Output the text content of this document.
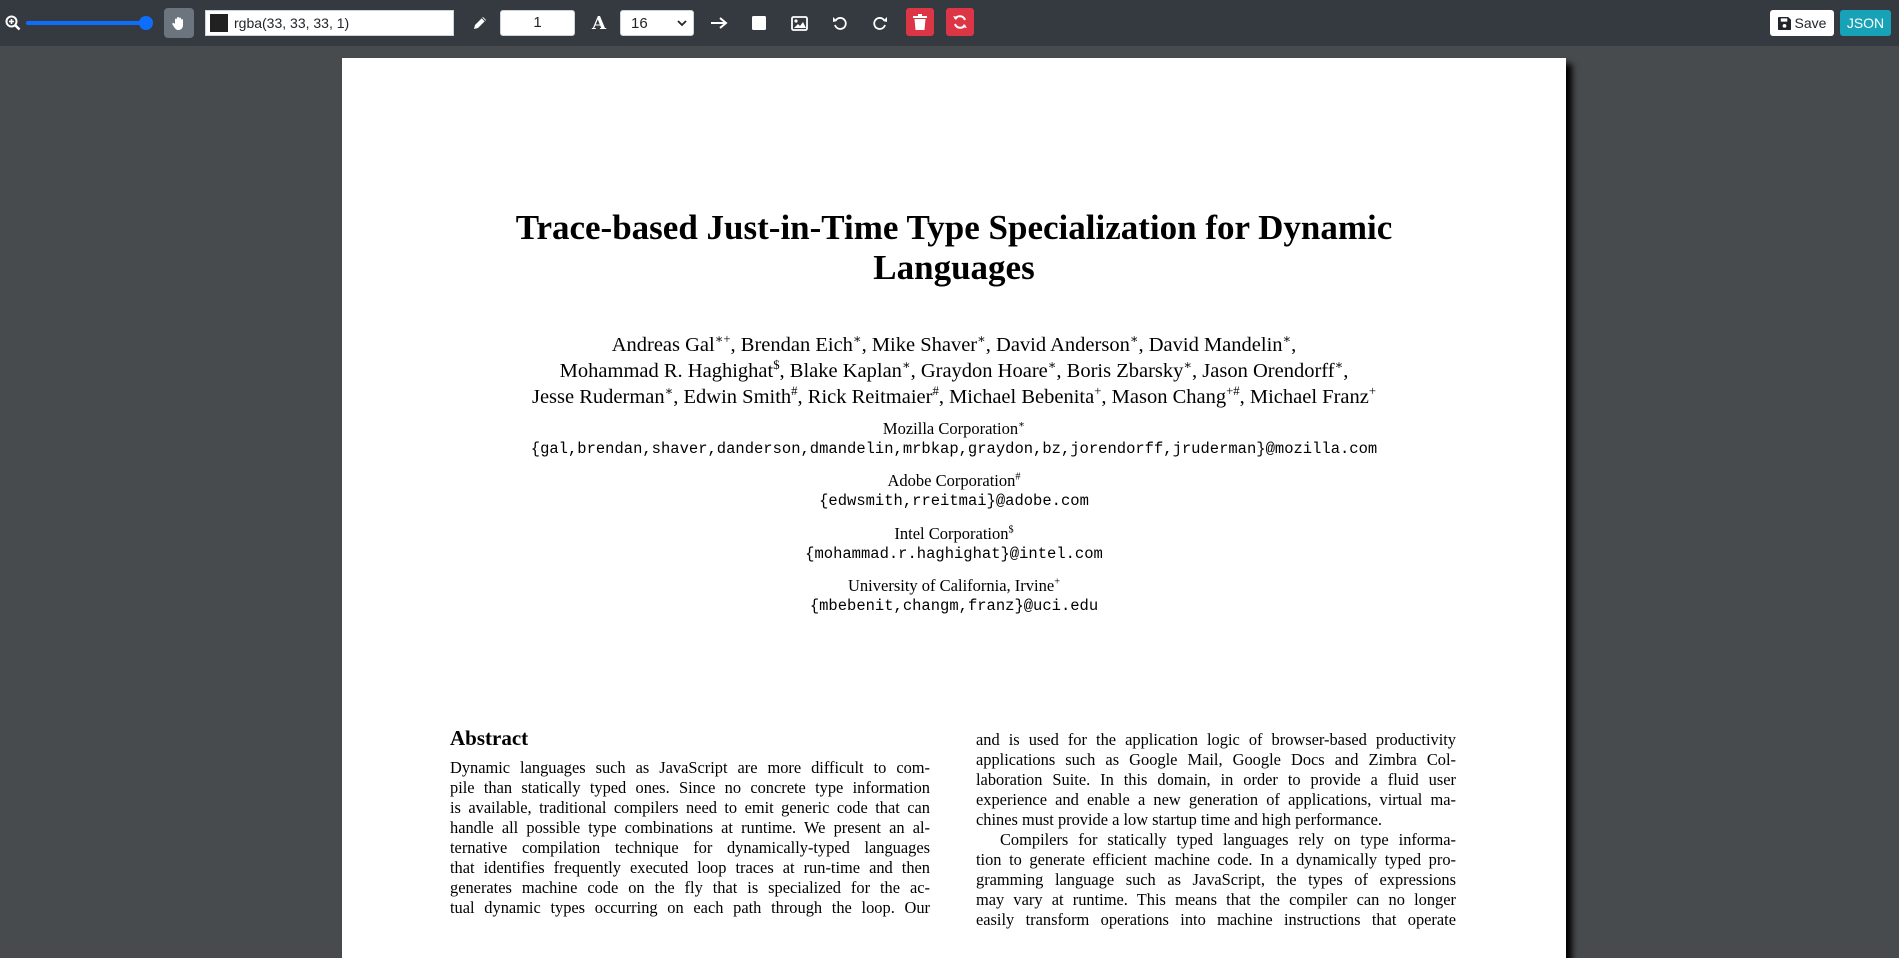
rgba(33, 33, 33, 1)	1	A 16	Save	JSON
Trace-based Just-in-Time Type Specialization for Dynamic
Languages
Andreas Gal∗+, Brendan Eich∗, Mike Shaver∗, David Anderson∗, David Mandelin∗,
Mohammad R. Haghighat$, Blake Kaplan∗, Graydon Hoare∗, Boris Zbarsky∗, Jason Orendorff∗,
Jesse Ruderman∗, Edwin Smith#, Rick Reitmaier#, Michael Bebenita+, Mason Chang+#, Michael Franz+
Mozilla Corporation∗
{gal,brendan,shaver,danderson,dmandelin,mrbkap,graydon,bz,jorendorff,jruderman}@mozilla.com
Adobe Corporation#
{edwsmith,rreitmai}@adobe.com
Intel Corporation$
{mohammad.r.haghighat}@intel.com
University of California, Irvine+
{mbebenit,changm,franz}@uci.edu
Abstract
Dynamic languages such as JavaScript are more difficult to com-
pile than statically typed ones. Since no concrete type information
is available, traditional compilers need to emit generic code that can
handle all possible type combinations at runtime. We present an al-
ternative compilation technique for dynamically-typed languages
that identifies frequently executed loop traces at run-time and then
generates machine code on the fly that is specialized for the ac-
tual dynamic types occurring on each path through the loop. Our
and is used for the application logic of browser-based productivity
applications such as Google Mail, Google Docs and Zimbra Col-
laboration Suite. In this domain, in order to provide a fluid user
experience and enable a new generation of applications, virtual ma-
chines must provide a low startup time and high performance.
Compilers for statically typed languages rely on type informa-
tion to generate efficient machine code. In a dynamically typed pro-
gramming language such as JavaScript, the types of expressions
may vary at runtime. This means that the compiler can no longer
easily transform operations into machine instructions that operate
